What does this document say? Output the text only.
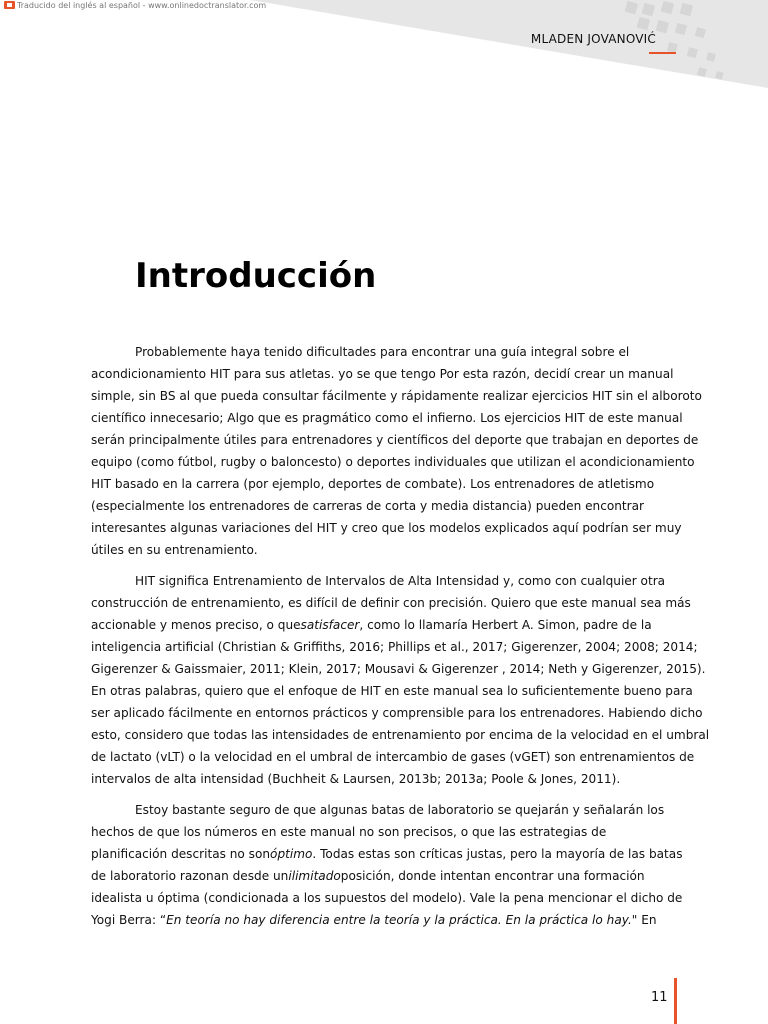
Traducido del inglés al español - www.onlinedoctranslator.com
MLADEN JOVANOVIĆ
Introducción

Probablemente haya tenido dificultades para encontrar una guía integral sobre el
acondicionamiento HIT para sus atletas. yo se que tengo Por esta razón, decidí crear un manual
simple, sin BS al que pueda consultar fácilmente y rápidamente realizar ejercicios HIT sin el alboroto
científico innecesario; Algo que es pragmático como el infierno. Los ejercicios HIT de este manual
serán principalmente útiles para entrenadores y científicos del deporte que trabajan en deportes de
equipo (como fútbol, rugby o baloncesto) o deportes individuales que utilizan el acondicionamiento
HIT basado en la carrera (por ejemplo, deportes de combate). Los entrenadores de atletismo
(especialmente los entrenadores de carreras de corta y media distancia) pueden encontrar
interesantes algunas variaciones del HIT y creo que los modelos explicados aquí podrían ser muy
útiles en su entrenamiento.

HIT significa Entrenamiento de Intervalos de Alta Intensidad y, como con cualquier otra
construcción de entrenamiento, es difícil de definir con precisión. Quiero que este manual sea más
accionable y menos preciso, o quesatisfacer, como lo llamaría Herbert A. Simon, padre de la
inteligencia artificial (Christian & Griffiths, 2016; Phillips et al., 2017; Gigerenzer, 2004; 2008; 2014;
Gigerenzer & Gaissmaier, 2011; Klein, 2017; Mousavi & Gigerenzer , 2014; Neth y Gigerenzer, 2015).
En otras palabras, quiero que el enfoque de HIT en este manual sea lo suficientemente bueno para
ser aplicado fácilmente en entornos prácticos y comprensible para los entrenadores. Habiendo dicho
esto, considero que todas las intensidades de entrenamiento por encima de la velocidad en el umbral
de lactato (vLT) o la velocidad en el umbral de intercambio de gases (vGET) son entrenamientos de
intervalos de alta intensidad (Buchheit & Laursen, 2013b; 2013a; Poole & Jones, 2011).

Estoy bastante seguro de que algunas batas de laboratorio se quejarán y señalarán los
hechos de que los números en este manual no son precisos, o que las estrategias de
planificación descritas no sonóptimo. Todas estas son críticas justas, pero la mayoría de las batas
de laboratorio razonan desde unilimitadoposición, donde intentan encontrar una formación
idealista u óptima (condicionada a los supuestos del modelo). Vale la pena mencionar el dicho de
Yogi Berra: “En teoría no hay diferencia entre la teoría y la práctica. En la práctica lo hay." En

11
